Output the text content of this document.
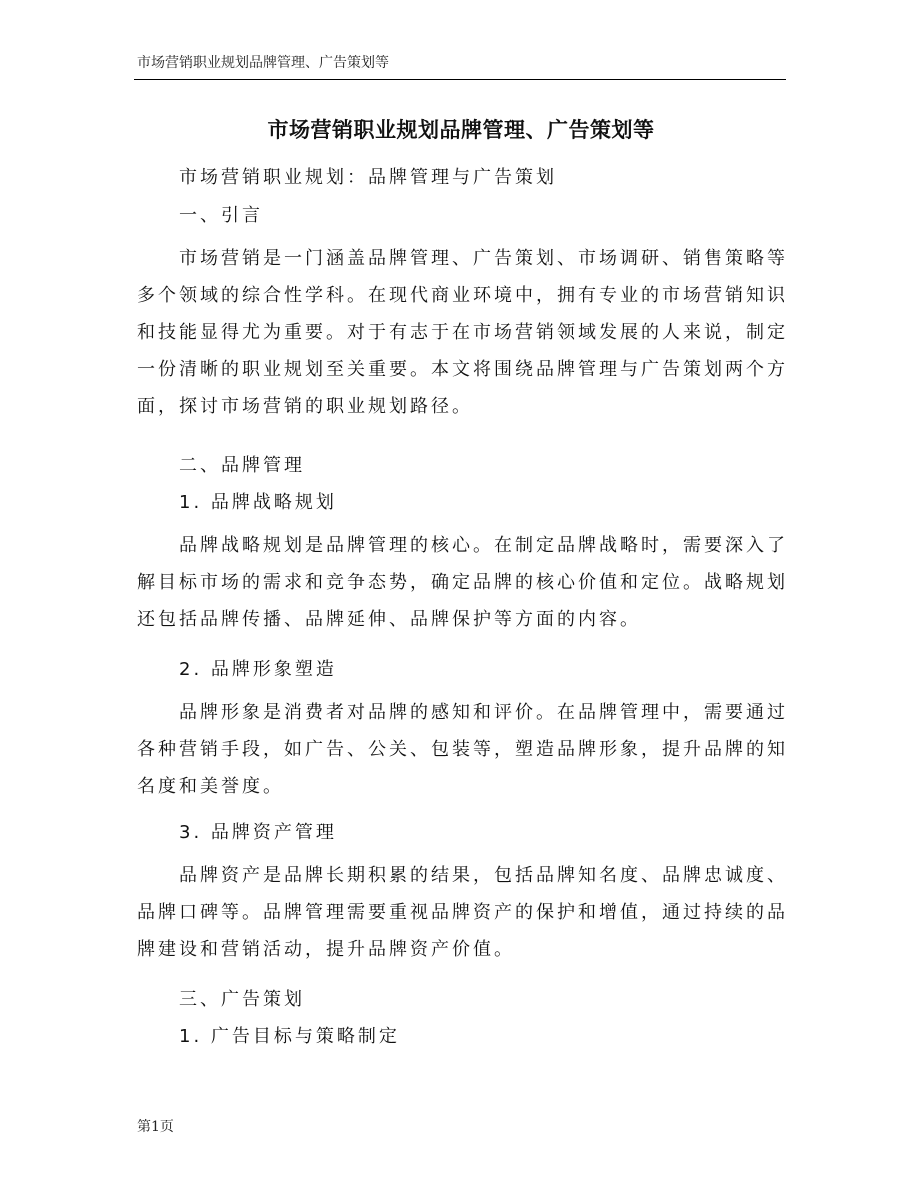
市场营销职业规划品牌管理、广告策划等
市场营销职业规划品牌管理、广告策划等
市场营销职业规划：品牌管理与广告策划
一、引言
市场营销是一门涵盖品牌管理、广告策划、市场调研、销售策略等
多个领域的综合性学科。在现代商业环境中，拥有专业的市场营销知识
和技能显得尤为重要。对于有志于在市场营销领域发展的人来说，制定
一份清晰的职业规划至关重要。本文将围绕品牌管理与广告策划两个方
面，探讨市场营销的职业规划路径。
二、品牌管理
1. 品牌战略规划
品牌战略规划是品牌管理的核心。在制定品牌战略时，需要深入了
解目标市场的需求和竞争态势，确定品牌的核心价值和定位。战略规划
还包括品牌传播、品牌延伸、品牌保护等方面的内容。
2. 品牌形象塑造
品牌形象是消费者对品牌的感知和评价。在品牌管理中，需要通过
各种营销手段，如广告、公关、包装等，塑造品牌形象，提升品牌的知
名度和美誉度。
3. 品牌资产管理
品牌资产是品牌长期积累的结果，包括品牌知名度、品牌忠诚度、
品牌口碑等。品牌管理需要重视品牌资产的保护和增值，通过持续的品
牌建设和营销活动，提升品牌资产价值。
三、广告策划
1. 广告目标与策略制定
第1页
